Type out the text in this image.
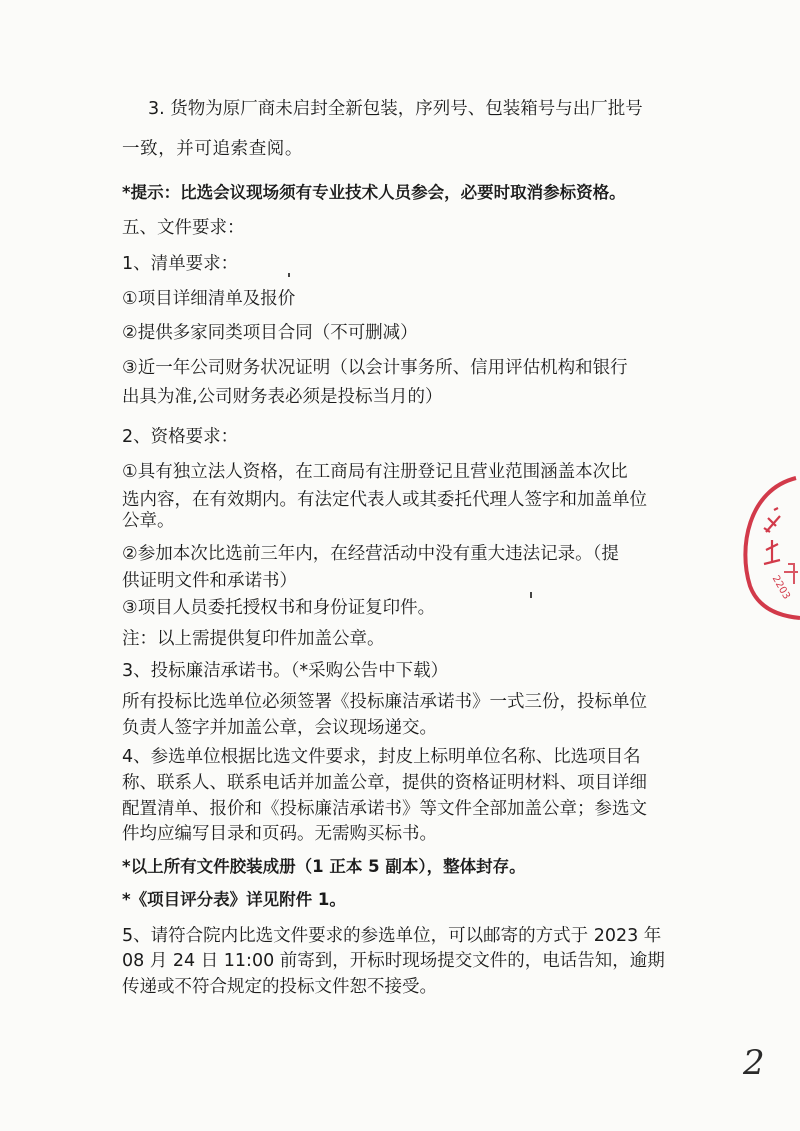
3. 货物为原厂商未启封全新包装，序列号、包装箱号与出厂批号
一致，并可追索查阅。
*提示：比选会议现场须有专业技术人员参会，必要时取消参标资格。
五、文件要求：
1、清单要求：
①项目详细清单及报价
②提供多家同类项目合同（不可删减）
③近一年公司财务状况证明（以会计事务所、信用评估机构和银行
出具为准,公司财务表必须是投标当月的）
2、资格要求：
①具有独立法人资格，在工商局有注册登记且营业范围涵盖本次比
选内容，在有效期内。有法定代表人或其委托代理人签字和加盖单位
公章。
②参加本次比选前三年内，在经营活动中没有重大违法记录。（提
供证明文件和承诺书）
③项目人员委托授权书和身份证复印件。
注：以上需提供复印件加盖公章。
3、投标廉洁承诺书。（*采购公告中下载）
所有投标比选单位必须签署《投标廉洁承诺书》一式三份，投标单位
负责人签字并加盖公章，会议现场递交。
4、参选单位根据比选文件要求，封皮上标明单位名称、比选项目名
称、联系人、联系电话并加盖公章，提供的资格证明材料、项目详细
配置清单、报价和《投标廉洁承诺书》等文件全部加盖公章；参选文
件均应编写目录和页码。无需购买标书。
*以上所有文件胶装成册（1 正本 5 副本），整体封存。
*《项目评分表》详见附件 1。
5、请符合院内比选文件要求的参选单位，可以邮寄的方式于 2023 年
08 月 24 日 11:00 前寄到，开标时现场提交文件的，电话告知，逾期
传递或不符合规定的投标文件恕不接受。
2203
2
